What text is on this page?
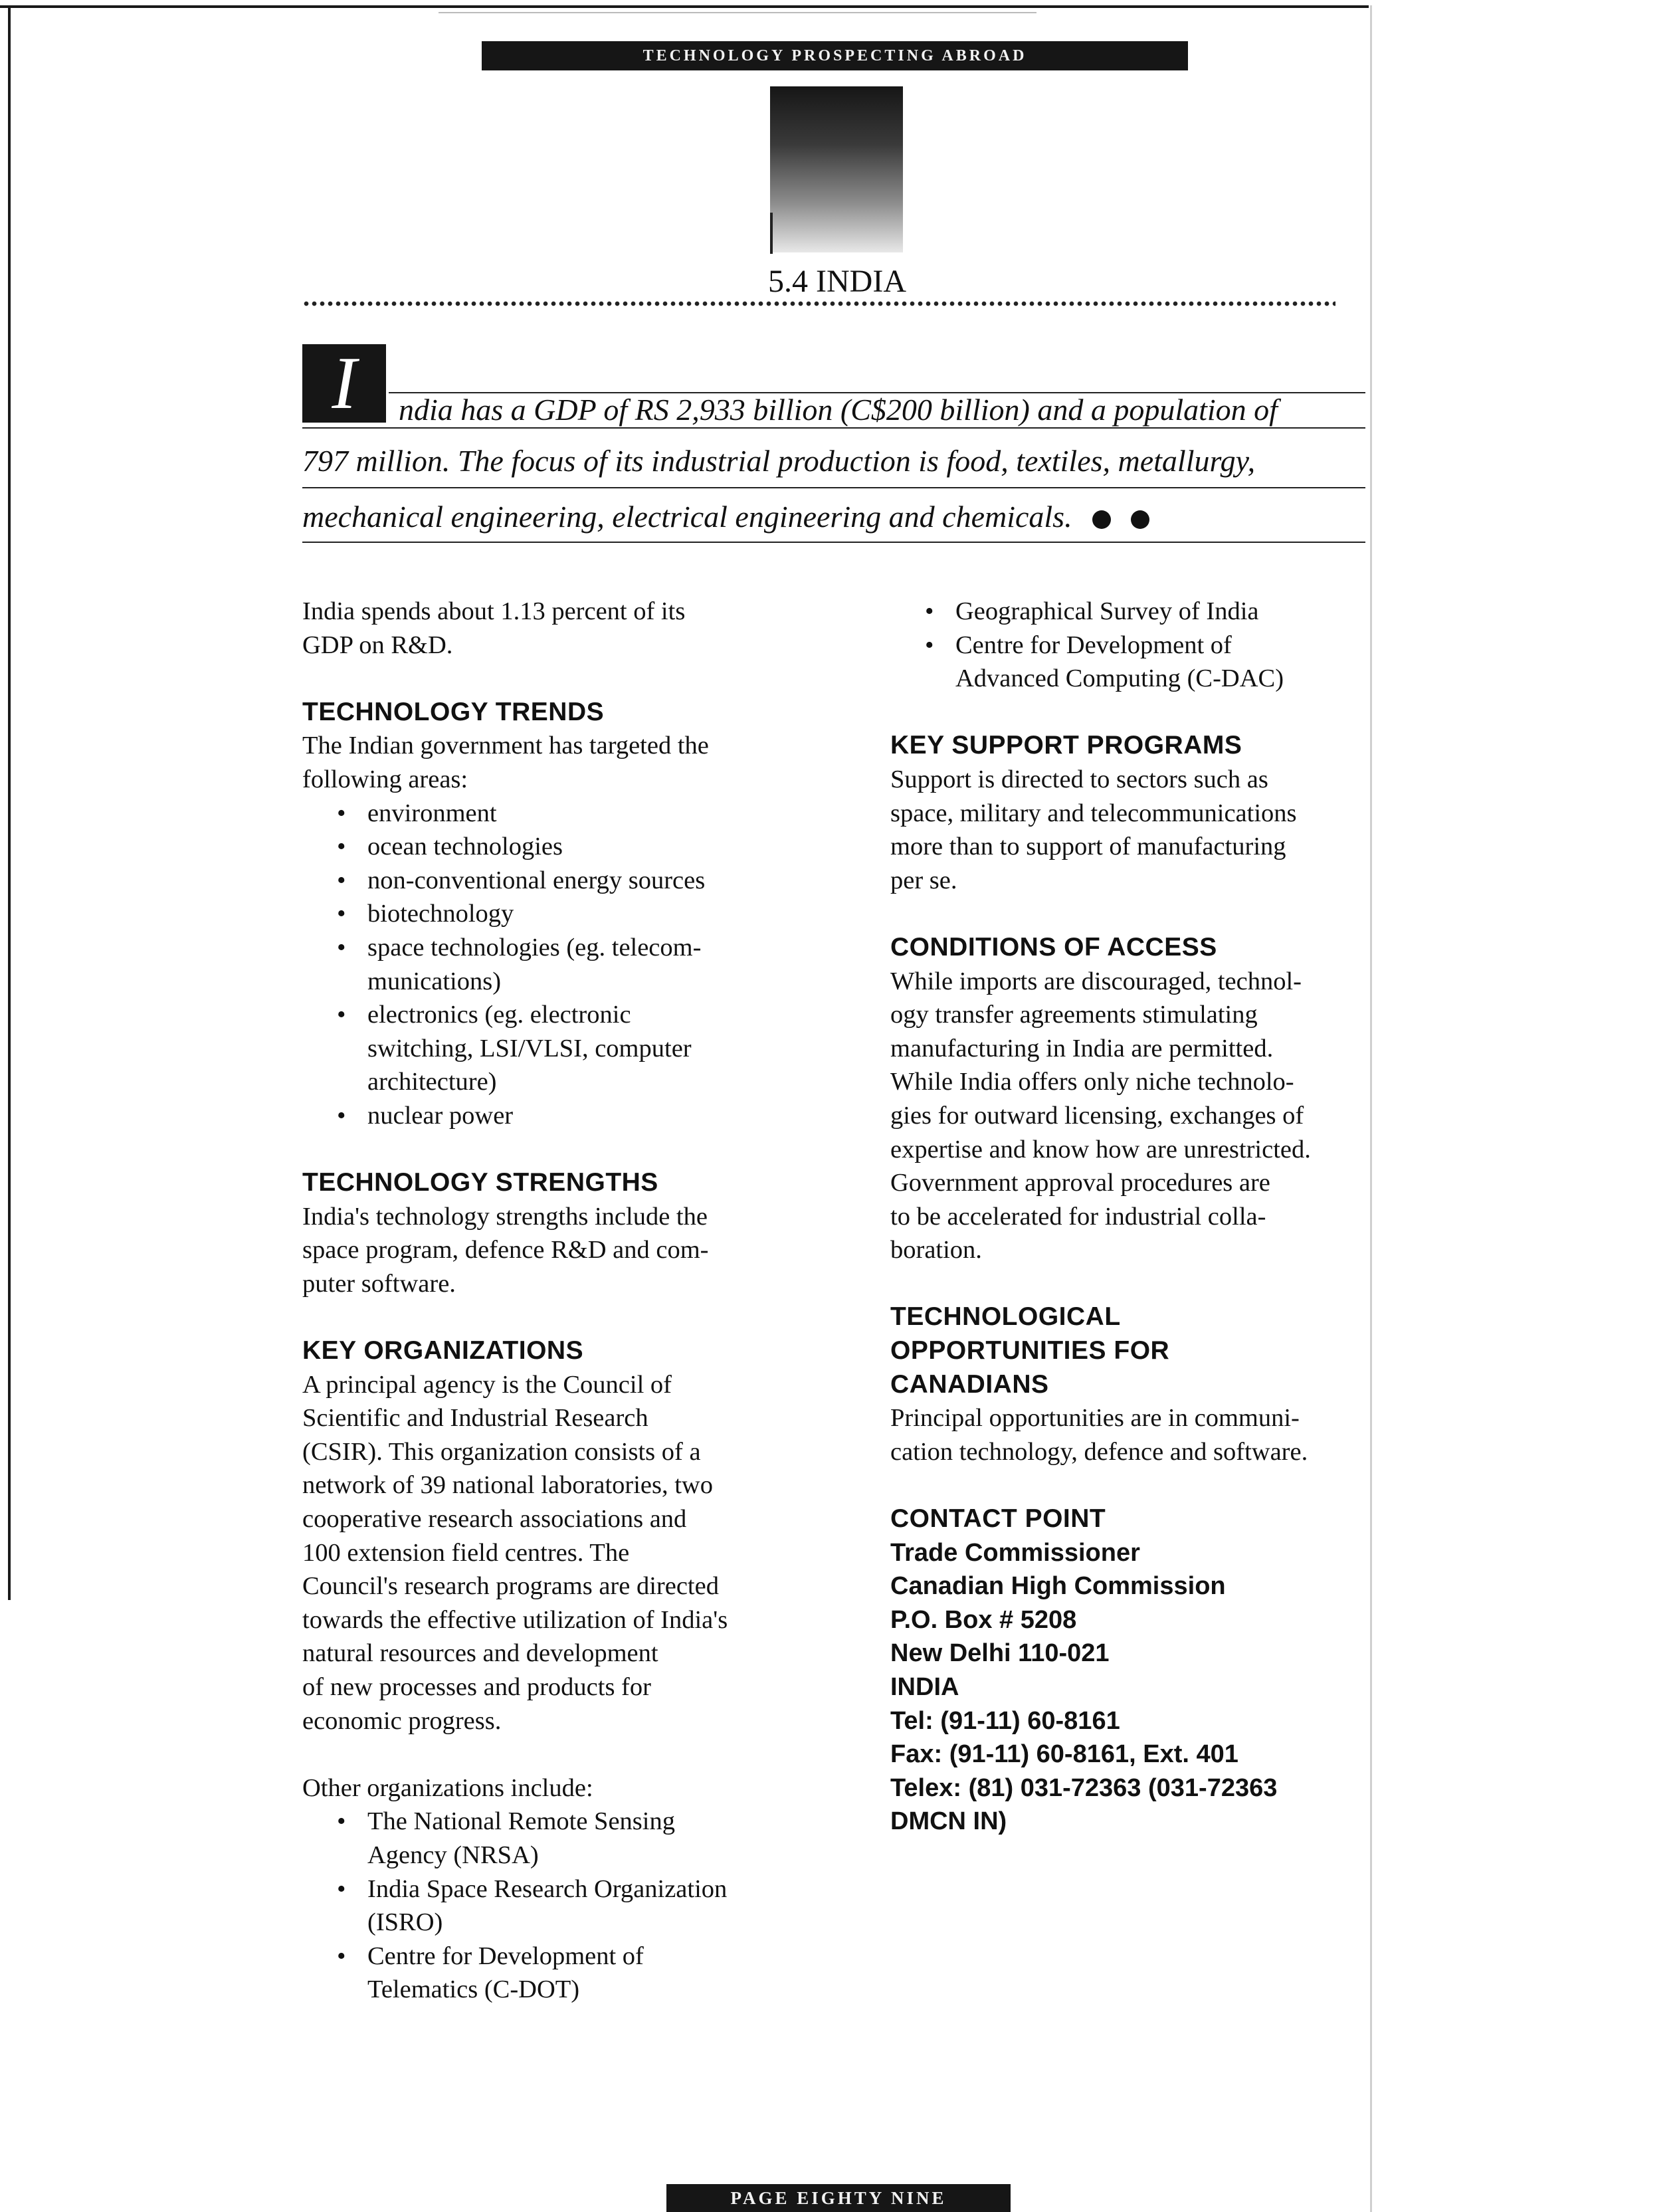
TECHNOLOGY PROSPECTING ABROAD
5.4 INDIA
I	ndia has a GDP of RS 2,933 billion (C$200 billion) and a population of
797 million. The focus of its industrial production is food, textiles, metallurgy,
mechanical engineering, electrical engineering and chemicals.

India spends about 1.13 percent of its

GDP on R&D.

TECHNOLOGY TRENDS

The Indian government has targeted the

following areas:

• environment
• ocean technologies
• non-conventional energy sources
• biotechnology
• space technologies (eg. telecom-
munications)
• electronics (eg. electronic
switching, LSI/VLSI, computer
architecture)
• nuclear power

TECHNOLOGY STRENGTHS

India's technology strengths include the

space program, defence R&D and com-

puter software.

KEY ORGANIZATIONS

A principal agency is the Council of

Scientific and Industrial Research

(CSIR). This organization consists of a

network of 39 national laboratories, two

cooperative research associations and

100 extension field centres. The

Council's research programs are directed

towards the effective utilization of India's

natural resources and development

of new processes and products for

economic progress.

Other organizations include:

• The National Remote Sensing
Agency (NRSA)
• India Space Research Organization
(ISRO)
• Centre for Development of
Telematics (C-DOT)
• Geographical Survey of India
• Centre for Development of
Advanced Computing (C-DAC)

KEY SUPPORT PROGRAMS

Support is directed to sectors such as

space, military and telecommunications

more than to support of manufacturing

per se.

CONDITIONS OF ACCESS

While imports are discouraged, technol-

ogy transfer agreements stimulating

manufacturing in India are permitted.

While India offers only niche technolo-

gies for outward licensing, exchanges of

expertise and know how are unrestricted.

Government approval procedures are

to be accelerated for industrial colla-

boration.

TECHNOLOGICAL

OPPORTUNITIES FOR

CANADIANS

Principal opportunities are in communi-

cation technology, defence and software.

CONTACT POINT

Trade Commissioner

Canadian High Commission

P.O. Box # 5208

New Delhi 110-021

INDIA

Tel: (91-11) 60-8161

Fax: (91-11) 60-8161, Ext. 401

Telex: (81) 031-72363 (031-72363

DMCN IN)

PAGE EIGHTY NINE
